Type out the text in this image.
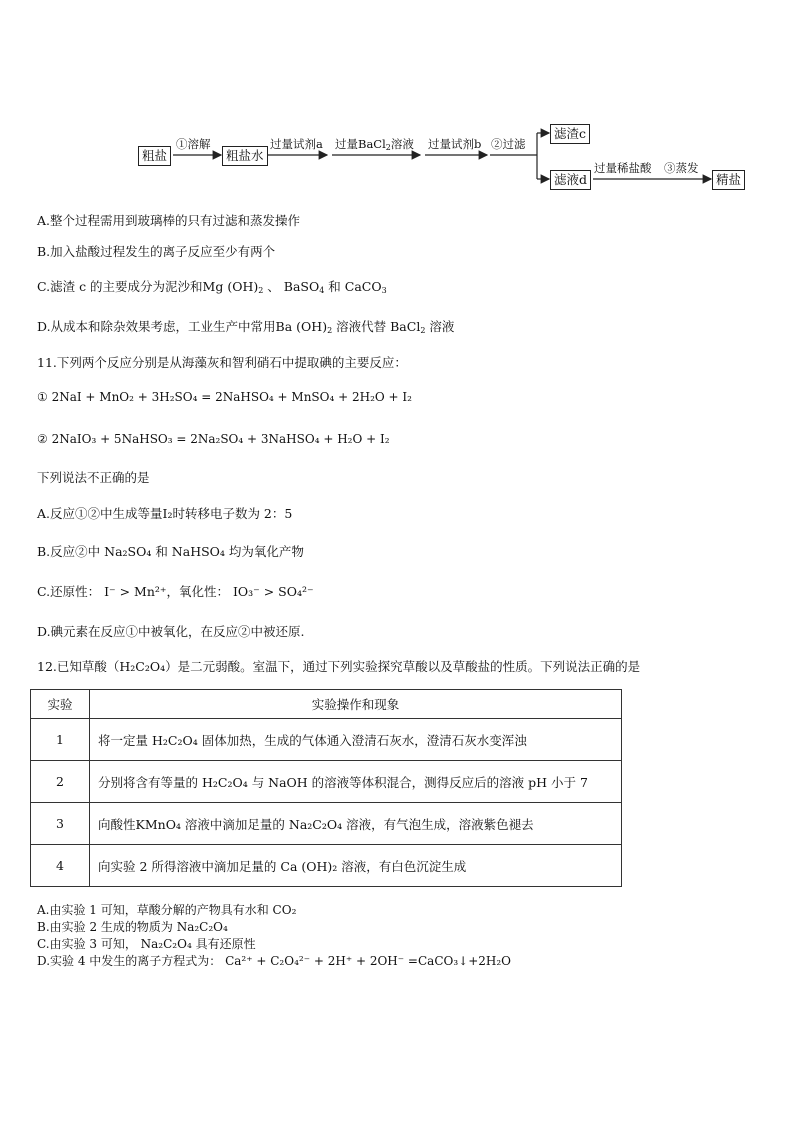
粗盐	粗盐水
滤渣c
滤液d	精盐
①溶解	过量试剂a 过量BaCl$_2$溶液 过量试剂b ②过滤
过量稀盐酸 ③蒸发
A.整个过程需用到玻璃棒的只有过滤和蒸发操作
B.加入盐酸过程发生的离子反应至少有两个
C.滤渣 c 的主要成分为泥沙和Mg $(OH)_2$ 、 BaSO$_4$ 和 CaCO$_3$
D.从成本和除杂效果考虑，工业生产中常用Ba $(OH)_2$ 溶液代替 BaCl$_2$ 溶液
11.下列两个反应分别是从海藻灰和智利硝石中提取碘的主要反应：
① 2NaI + MnO₂ + 3H₂SO₄ = 2NaHSO₄ + MnSO₄ + 2H₂O + I₂
② 2NaIO₃ + 5NaHSO₃ = 2Na₂SO₄ + 3NaHSO₄ + H₂O + I₂
下列说法不正确的是
A.反应①②中生成等量I₂时转移电子数为 2：5
B.反应②中 Na₂SO₄ 和 NaHSO₄ 均为氧化产物
C.还原性： I⁻ > Mn²⁺，氧化性： IO₃⁻ > SO₄²⁻
D.碘元素在反应①中被氧化，在反应②中被还原.
12.已知草酸（H₂C₂O₄）是二元弱酸。室温下，通过下列实验探究草酸以及草酸盐的性质。下列说法正确的是
实验	实验操作和现象
1	将一定量 H₂C₂O₄ 固体加热，生成的气体通入澄清石灰水，澄清石灰水变浑浊
2	分别将含有等量的 H₂C₂O₄ 与 NaOH 的溶液等体积混合，测得反应后的溶液 pH 小于 7
3	向酸性KMnO₄ 溶液中滴加足量的 Na₂C₂O₄ 溶液，有气泡生成，溶液紫色褪去
4	向实验 2 所得溶液中滴加足量的 Ca (OH)₂ 溶液，有白色沉淀生成
A.由实验 1 可知，草酸分解的产物具有水和 CO₂
B.由实验 2 生成的物质为 Na₂C₂O₄
C.由实验 3 可知， Na₂C₂O₄ 具有还原性
D.实验 4 中发生的离子方程式为： Ca²⁺ + C₂O₄²⁻ + 2H⁺ + 2OH⁻ =CaCO₃↓+2H₂O
